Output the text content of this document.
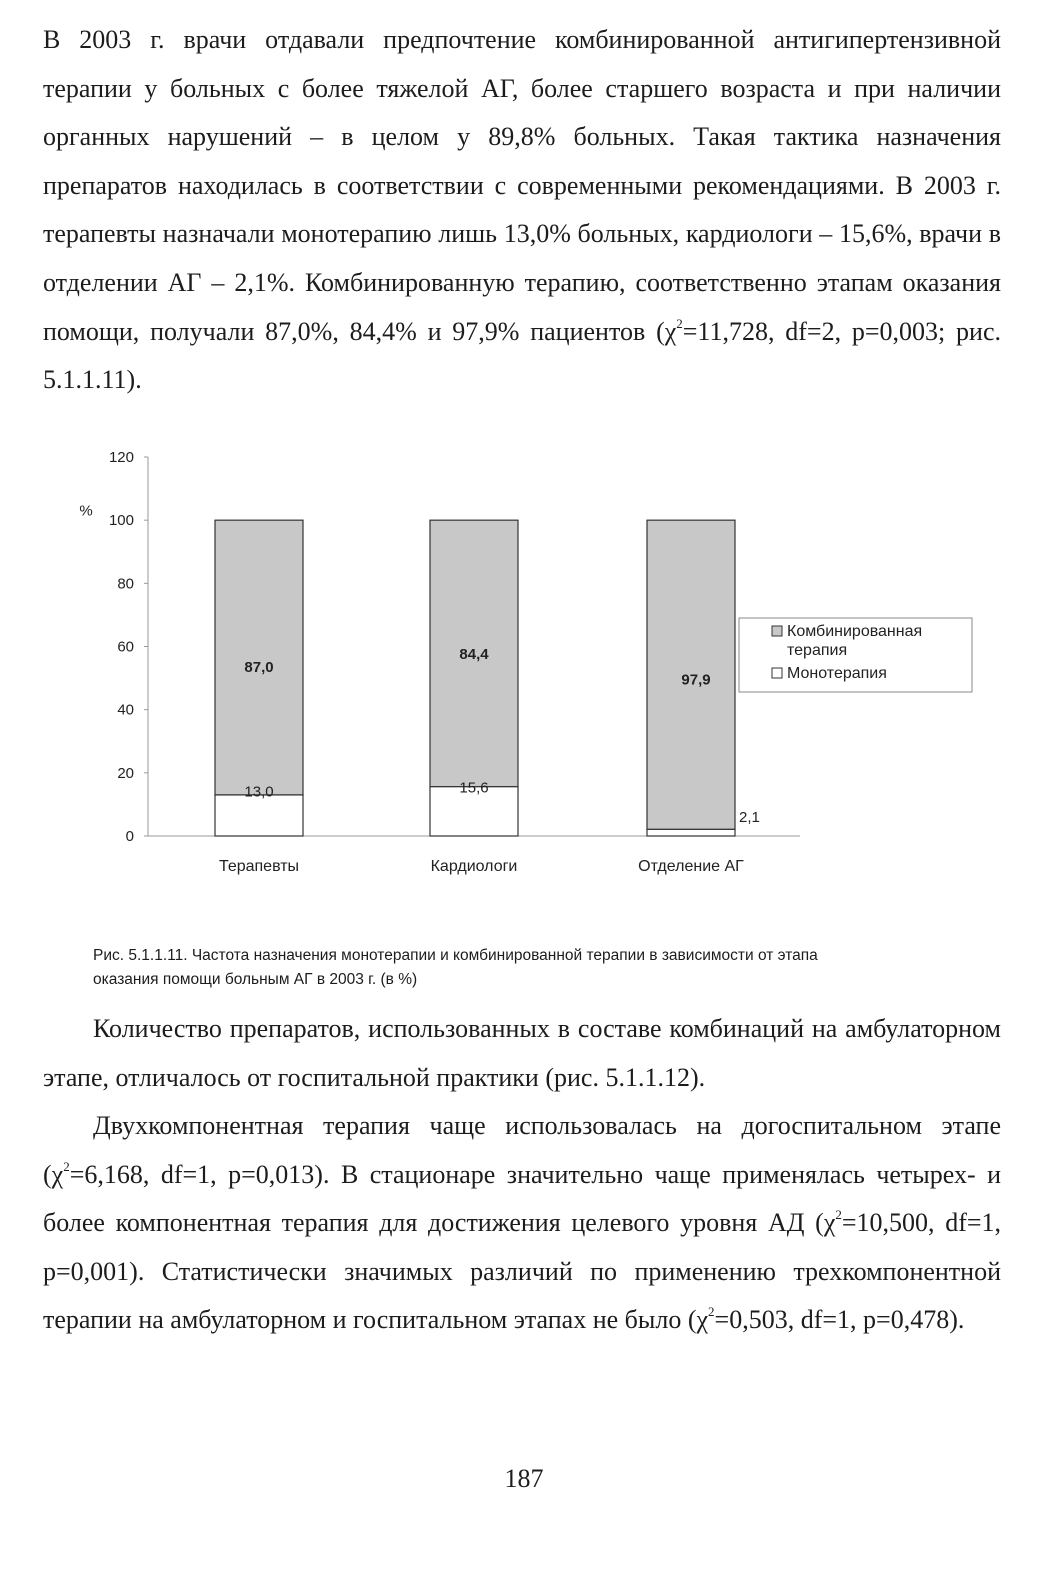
В 2003 г. врачи отдавали предпочтение комбинированной антигипертензивной терапии у больных с более тяжелой АГ, более старшего возраста и при наличии органных нарушений – в целом у 89,8% больных. Такая тактика назначения препаратов находилась в соответствии с современными рекомендациями. В 2003 г. терапевты назначали монотерапию лишь 13,0% больных, кардиологи – 15,6%, врачи в отделении АГ – 2,1%. Комбинированную терапию, соответственно этапам оказания помощи, получали 87,0%, 84,4% и 97,9% пациентов ($\chi^2=11,728$, df=2, p=0,003; рис. 5.1.1.11).

0
20
40
60
80
100
120
%
87,0
13,0
84,4
15,6
97,9
2,1
Терапевты	Кардиологи	Отделение АГ
Комбинированная терапия
Монотерапия

Рис. 5.1.1.11. Частота назначения монотерапии и комбинированной терапии в зависимости от этапа оказания помощи больным АГ в 2003 г. (в %)

Количество препаратов, использованных в составе комбинаций на амбулаторном этапе, отличалось от госпитальной практики (рис. 5.1.1.12).

Двухкомпонентная терапия чаще использовалась на догоспитальном этапе ($\chi^2=6,168$, df=1, p=0,013). В стационаре значительно чаще применялась четырех- и более компонентная терапия для достижения целевого уровня АД ($\chi^2=10,500$, df=1, p=0,001). Статистически значимых различий по применению трехкомпонентной терапии на амбулаторном и госпитальном этапах не было ($\chi^2=0,503$, df=1, p=0,478).

187
